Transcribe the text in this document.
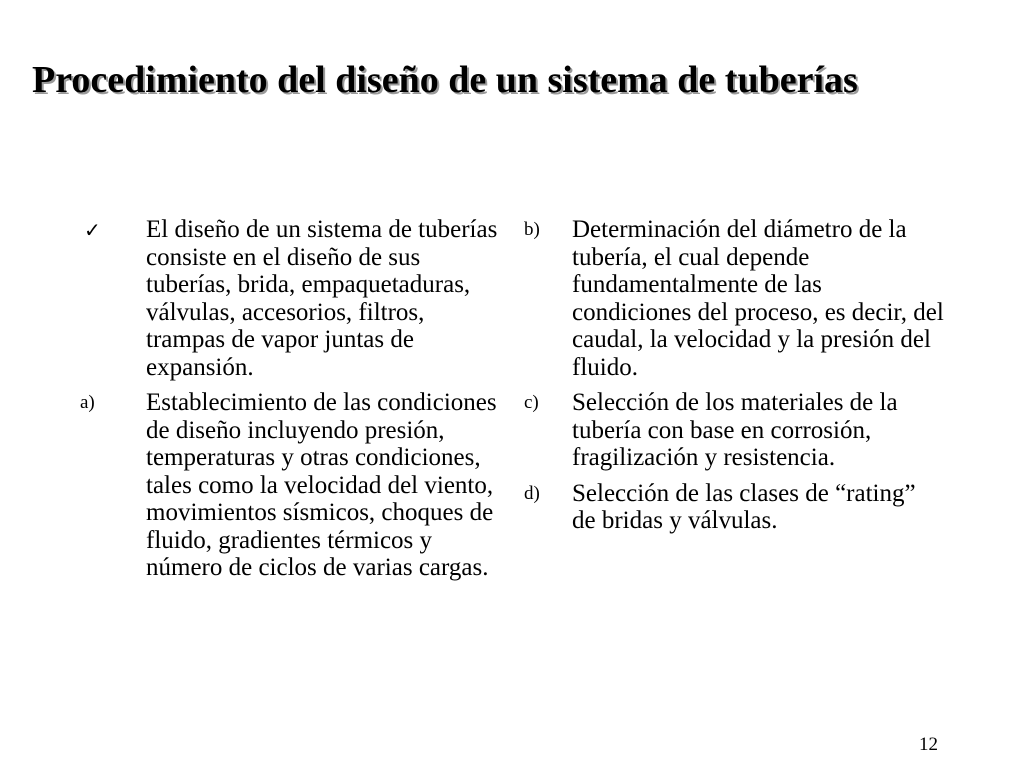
Procedimiento del diseño de un sistema de tuberías
✓ El diseño de un sistema de tuberías consiste en el diseño de sus tuberías, brida, empaquetaduras, válvulas, accesorios, filtros, trampas de vapor juntas de expansión.
a) Establecimiento de las condiciones de diseño incluyendo presión, temperaturas y otras condiciones, tales como la velocidad del viento, movimientos sísmicos, choques de fluido, gradientes térmicos y número de ciclos de varias cargas.
b) Determinación del diámetro de la tubería, el cual depende fundamentalmente de las condiciones del proceso, es decir, del caudal, la velocidad y la presión del fluido.
c) Selección de los materiales de la tubería con base en corrosión, fragilización y resistencia.
d) Selección de las clases de “rating” de bridas y válvulas.
12
